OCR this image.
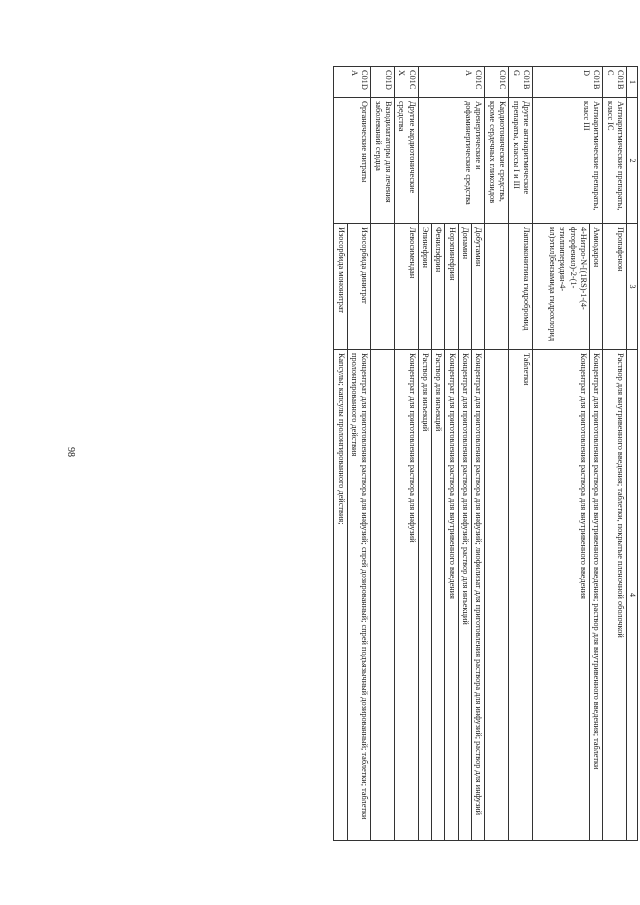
98
1	2	3	4
C01BC	Антиаритмические препараты, класс IC	Пропафенон	Раствор для внутривенного введения; таблетки, покрытые пленочной оболочкой
C01BD	Антиаритмические препараты, класс III	Амиодарон	Концентрат для приготовления раствора для внутривенного введения; раствор для внутривенного введения; таблетки
		4-Нитро-N-[(1RS)-1-(4-фторфенил)-2-(1-этилпиперидин-4-ил)этил]бензамида гидрохлорид	Концентрат для приготовления раствора для внутривенного введения
C01BG	Другие антиаритмические препараты, классы I и III	Лаппаконитина гидробромид	Таблетки
C01C	Кардиотонические средства, кроме сердечных гликозидов		
C01CA	Адренергические и дофаминергические средства	Добутамин	Концентрат для приготовления раствора для инфузий; лиофилизат для приготовления раствора для инфузий; раствор для инфузий
		Допамин	Концентрат для приготовления раствора для инфузий; раствор для инъекций
		Норэпинефрин	Концентрат для приготовления раствора для внутривенного введения
		Фенилэфрин	Раствор для инъекций
		Эпинефрин	Раствор для инъекций
C01CX	Другие кардиотонические средства	Левосимендан	Концентрат для приготовления раствора для инфузий
C01D	Вазодилататоры для лечения заболеваний сердца		
C01DA	Органические нитраты	Изосорбида динитрат	Концентрат для приготовления раствора для инфузий; спрей дозированный; спрей подъязычный дозированный; таблетки; таблетки пролонгированного действия
		Изосорбида мононитрат	Капсулы; капсулы пролонгированного действия;
